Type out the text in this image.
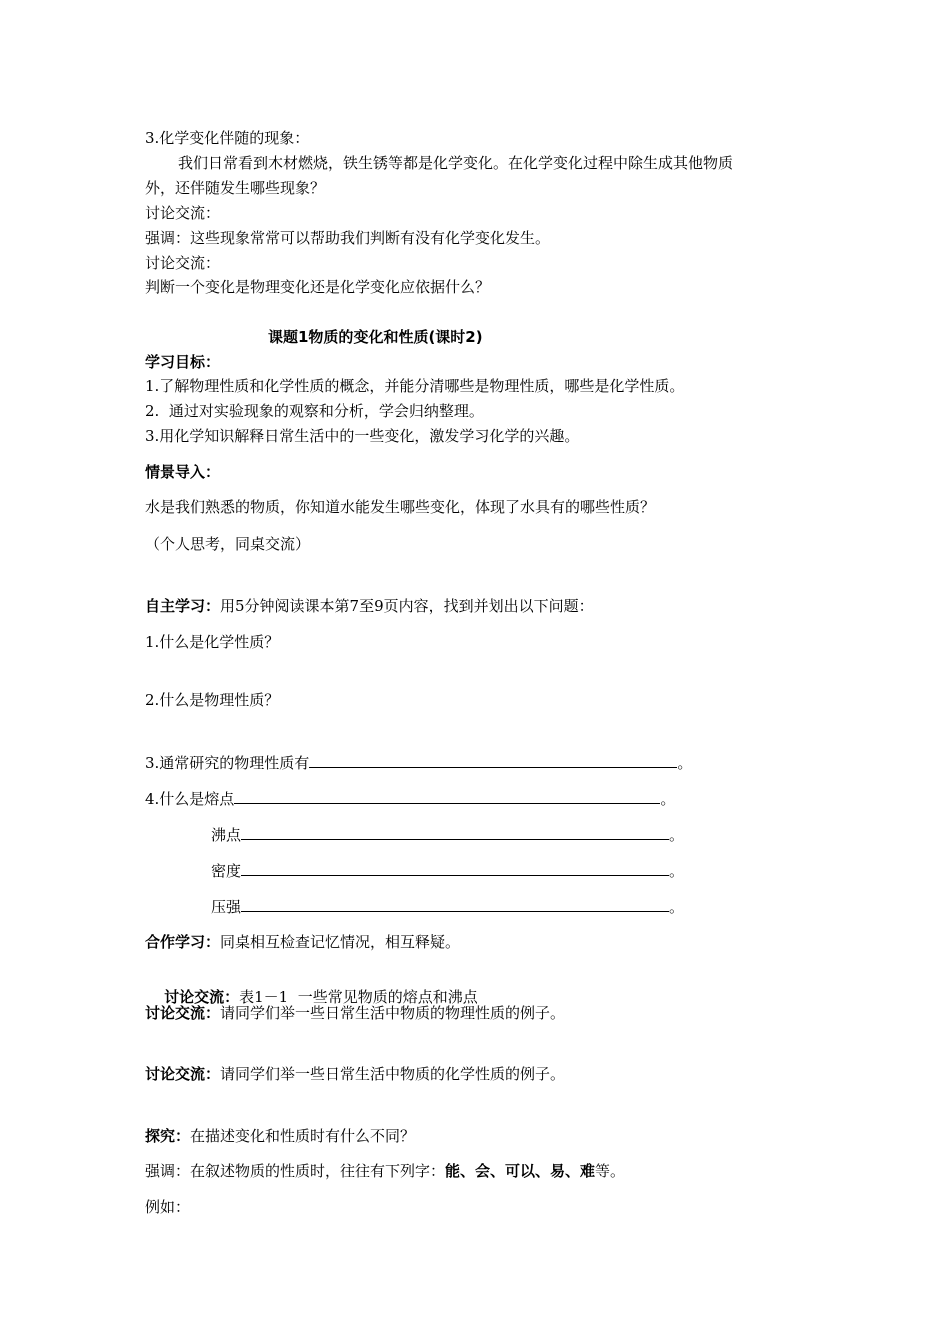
3.化学变化伴随的现象：
我们日常看到木材燃烧，铁生锈等都是化学变化。在化学变化过程中除生成其他物质
外，还伴随发生哪些现象？
讨论交流：
强调：这些现象常常可以帮助我们判断有没有化学变化发生。
讨论交流：
判断一个变化是物理变化还是化学变化应依据什么？
课题1物质的变化和性质(课时2)
学习目标：
1.了解物理性质和化学性质的概念，并能分清哪些是物理性质，哪些是化学性质。
2.  通过对实验现象的观察和分析，学会归纳整理。
3.用化学知识解释日常生活中的一些变化，激发学习化学的兴趣。
情景导入：
水是我们熟悉的物质，你知道水能发生哪些变化，体现了水具有的哪些性质？
（个人思考，同桌交流）
自主学习：用5分钟阅读课本第7至9页内容，找到并划出以下问题：
1.什么是化学性质？
2.什么是物理性质？
3.通常研究的物理性质有	。
4.什么是熔点	。
沸点	。
密度	。
压强	。
合作学习：同桌相互检查记忆情况，相互释疑。

讨论交流：表1－1  一些常见物质的熔点和沸点

讨论交流：请同学们举一些日常生活中物质的物理性质的例子。
讨论交流：请同学们举一些日常生活中物质的化学性质的例子。
探究：在描述变化和性质时有什么不同？
强调：在叙述物质的性质时，往往有下列字：能、会、可以、易、难等。
例如：
